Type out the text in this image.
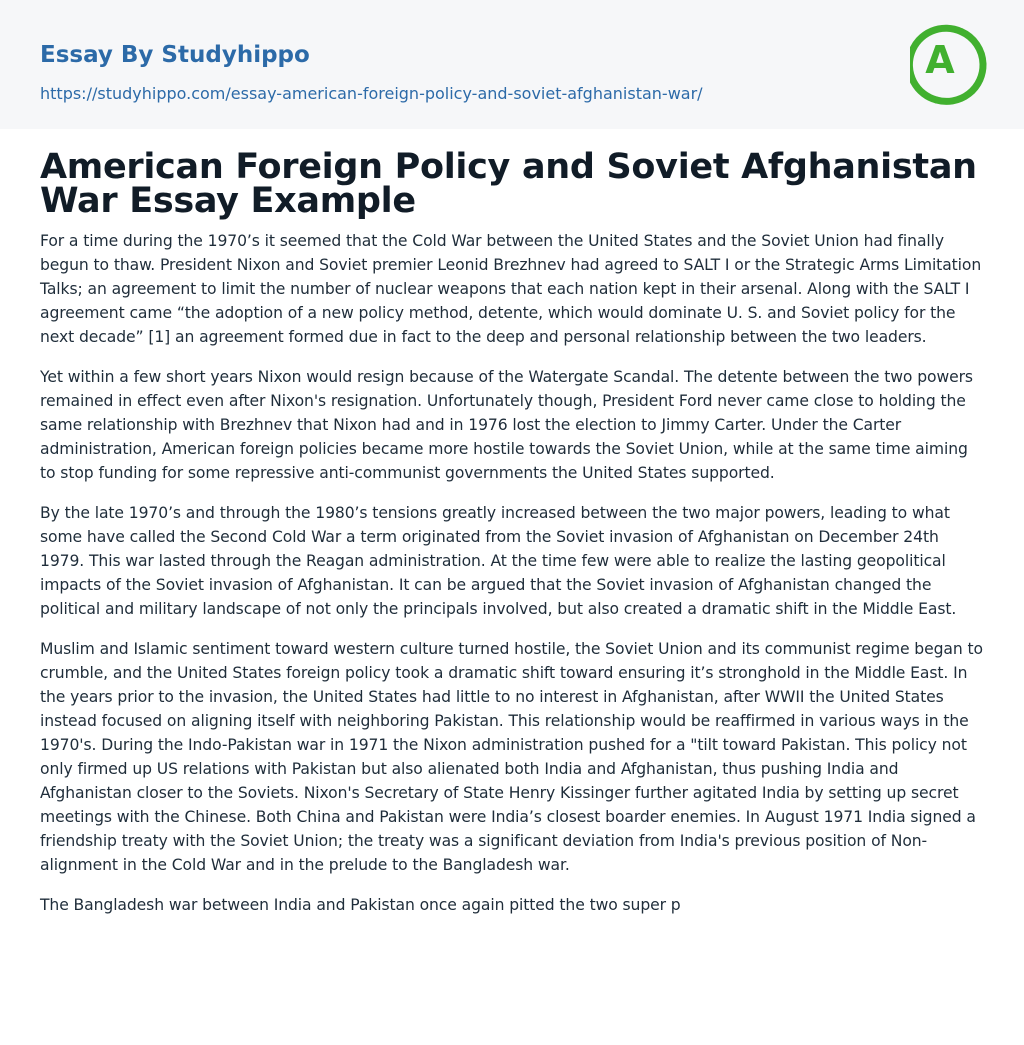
Essay By Studyhippo
https://studyhippo.com/essay-american-foreign-policy-and-soviet-afghanistan-war/
A
American Foreign Policy and Soviet Afghanistan War Essay Example

For a time during the 1970’s it seemed that the Cold War between the United States and the Soviet Union had finally begun to thaw. President Nixon and Soviet premier Leonid Brezhnev had agreed to SALT I or the Strategic Arms Limitation Talks; an agreement to limit the number of nuclear weapons that each nation kept in their arsenal. Along with the SALT I agreement came “the adoption of a new policy method, detente, which would dominate U. S. and Soviet policy for the next decade” [1] an agreement formed due in fact to the deep and personal relationship between the two leaders.

Yet within a few short years Nixon would resign because of the Watergate Scandal. The detente between the two powers remained in effect even after Nixon's resignation. Unfortunately though, President Ford never came close to holding the same relationship with Brezhnev that Nixon had and in 1976 lost the election to Jimmy Carter. Under the Carter administration, American foreign policies became more hostile towards the Soviet Union, while at the same time aiming to stop funding for some repressive anti-communist governments the United States supported.

By the late 1970’s and through the 1980’s tensions greatly increased between the two major powers, leading to what some have called the Second Cold War a term originated from the Soviet invasion of Afghanistan on December 24th 1979. This war lasted through the Reagan administration. At the time few were able to realize the lasting geopolitical impacts of the Soviet invasion of Afghanistan. It can be argued that the Soviet invasion of Afghanistan changed the political and military landscape of not only the principals involved, but also created a dramatic shift in the Middle East.

Muslim and Islamic sentiment toward western culture turned hostile, the Soviet Union and its communist regime began to crumble, and the United States foreign policy took a dramatic shift toward ensuring it’s stronghold in the Middle East. In the years prior to the invasion, the United States had little to no interest in Afghanistan, after WWII the United States instead focused on aligning itself with neighboring Pakistan. This relationship would be reaffirmed in various ways in the 1970's. During the Indo-Pakistan war in 1971 the Nixon administration pushed for a "tilt toward Pakistan. This policy not only firmed up US relations with Pakistan but also alienated both India and Afghanistan, thus pushing India and Afghanistan closer to the Soviets. Nixon's Secretary of State Henry Kissinger further agitated India by setting up secret meetings with the Chinese. Both China and Pakistan were India’s closest boarder enemies. In August 1971 India signed a friendship treaty with the Soviet Union; the treaty was a significant deviation from India's previous position of Non-alignment in the Cold War and in the prelude to the Bangladesh war.

The Bangladesh war between India and Pakistan once again pitted the two super p
